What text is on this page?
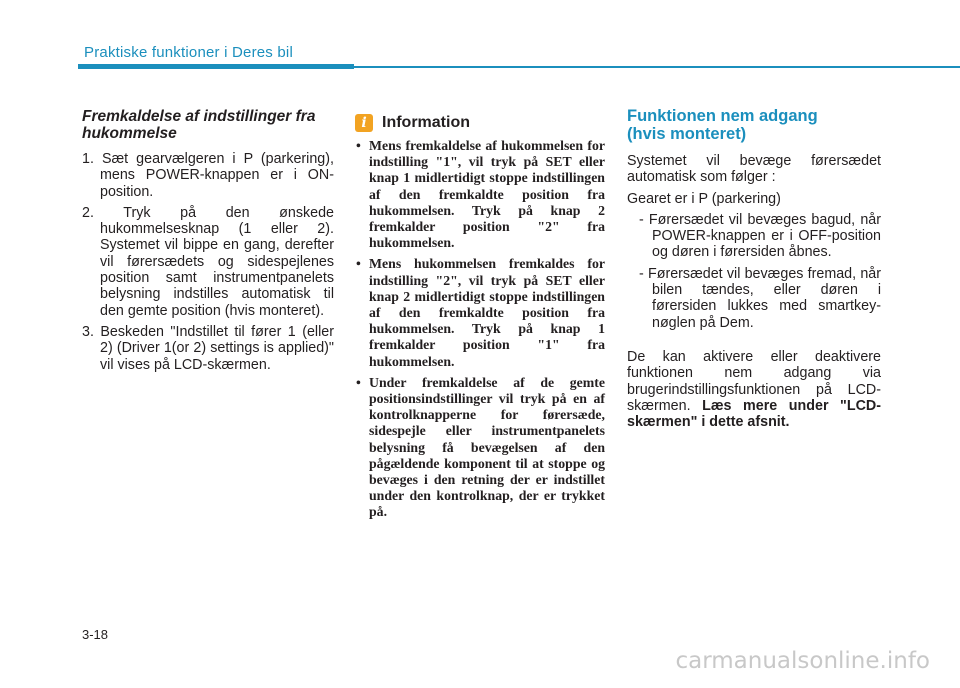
Praktiske funktioner i Deres bil
Fremkaldelse af indstillinger fra hukommelse
1. Sæt gearvælgeren i P (parkering), mens POWER-knappen er i ON-position.
2. Tryk på den ønskede hukommelsesknap (1 eller 2). Systemet vil bippe en gang, derefter vil førersædets og sidespejlenes position samt instrumentpanelets belysning indstilles automatisk til den gemte position (hvis monteret).
3. Beskeden "Indstillet til fører 1 (eller 2) (Driver 1(or 2) settings is applied)" vil vises på LCD-skærmen.
i Information
• Mens fremkaldelse af hukommelsen for indstilling "1", vil tryk på SET eller knap 1 midlertidigt stoppe indstillingen af den fremkaldte position fra hukommelsen. Tryk på knap 2 fremkalder position "2" fra hukommelsen.
• Mens hukommelsen fremkaldes for indstilling "2", vil tryk på SET eller knap 2 midlertidigt stoppe indstillingen af den fremkaldte position fra hukommelsen. Tryk på knap 1 fremkalder position "1" fra hukommelsen.
• Under fremkaldelse af de gemte positionsindstillinger vil tryk på en af kontrolknapperne for førersæde, sidespejle eller instrumentpanelets belysning få bevægelsen af den pågældende komponent til at stoppe og bevæges i den retning der er indstillet under den kontrolknap, der er trykket på.
Funktionen nem adgang
(hvis monteret)

Systemet vil bevæge førersædet automatisk som følger :

Gearet er i P (parkering)

- Førersædet vil bevæges bagud, når POWER-knappen er i OFF-position og døren i førersiden åbnes.
- Førersædet vil bevæges fremad, når bilen tændes, eller døren i førersiden lukkes med smartkey-nøglen på Dem.

De kan aktivere eller deaktivere funktionen nem adgang via brugerindstillingsfunktionen på LCD-skærmen. Læs mere under "LCD-skærmen" i dette afsnit.

3-18
carmanualsonline.info
